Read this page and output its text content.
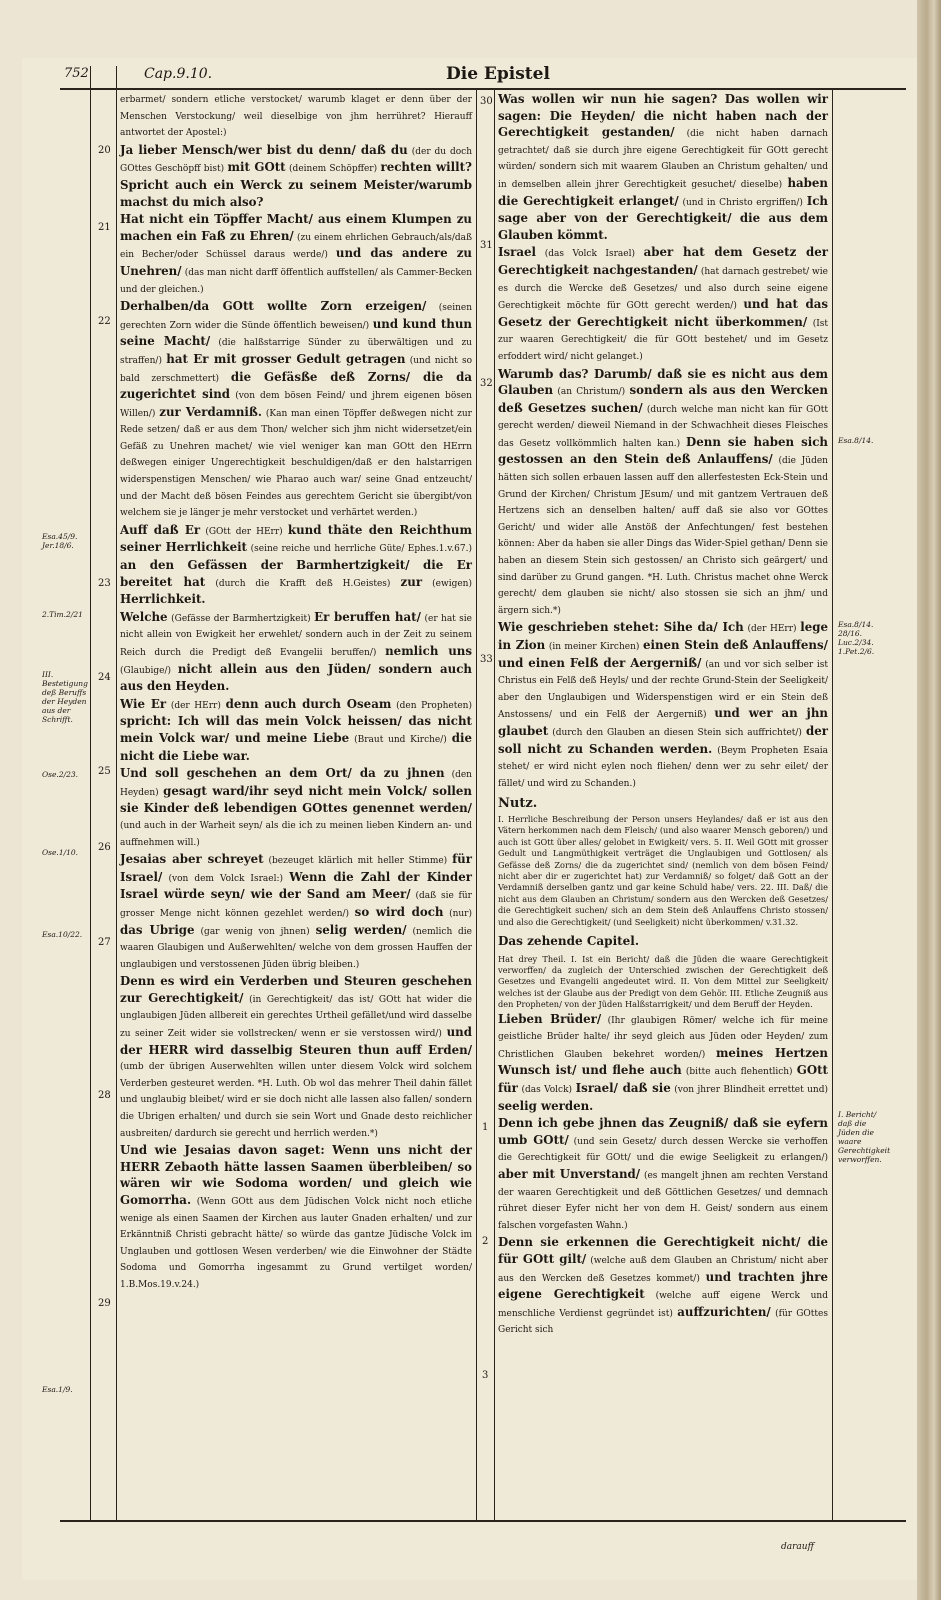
752	Cap.9.10.	Die Epistel
Esa.45/9. Jer.18/6.
2.Tim.2/21
III. Bestetigung deß Beruffs der Heyden aus der Schrifft.
Ose.2/23.
Ose.1/10.
Esa.10/22.
Esa.1/9.
20
21
22
23
24
25
26
27
28
29

erbarmet/ sondern etliche verstocket/ warumb klaget er denn über der Menschen Verstockung/ weil dieselbige von jhm herrühret? Hierauff antwortet der Apostel:)

Ja lieber Mensch/wer bist du denn/ daß du (der du doch GOttes Geschöpff bist) mit GOtt (deinem Schöpffer) rechten willt? Spricht auch ein Werck zu seinem Meister/warumb machst du mich also?

Hat nicht ein Töpffer Macht/ aus einem Klumpen zu machen ein Faß zu Ehren/ (zu einem ehrlichen Gebrauch/als/daß ein Becher/oder Schüssel daraus werde/) und das andere zu Unehren/ (das man nicht darff öffentlich auffstellen/ als Cammer-Becken und der gleichen.)

Derhalben/da GOtt wollte Zorn erzeigen/ (seinen gerechten Zorn wider die Sünde öffentlich beweisen/) und kund thun seine Macht/ (die halßstarrige Sünder zu überwältigen und zu straffen/) hat Er mit grosser Gedult getragen (und nicht so bald zerschmettert) die Gefäsße deß Zorns/ die da zugerichtet sind (von dem bösen Feind/ und jhrem eigenen bösen Willen/) zur Verdamniß. (Kan man einen Töpffer deßwegen nicht zur Rede setzen/ daß er aus dem Thon/ welcher sich jhm nicht widersetzet/ein Gefäß zu Unehren machet/ wie viel weniger kan man GOtt den HErrn deßwegen einiger Ungerechtigkeit beschuldigen/daß er den halstarrigen widerspenstigen Menschen/ wie Pharao auch war/ seine Gnad entzeucht/ und der Macht deß bösen Feindes aus gerechtem Gericht sie übergibt/von welchem sie je länger je mehr verstocket und verhärtet werden.)

Auff daß Er (GOtt der HErr) kund thäte den Reichthum seiner Herrlichkeit (seine reiche und herrliche Güte/ Ephes.1.v.67.) an den Gefässen der Barmhertzigkeit/ die Er bereitet hat (durch die Krafft deß H.Geistes) zur (ewigen) Herrlichkeit.

Welche (Gefässe der Barmhertzigkeit) Er beruffen hat/ (er hat sie nicht allein von Ewigkeit her erwehlet/ sondern auch in der Zeit zu seinem Reich durch die Predigt deß Evangelii beruffen/) nemlich uns (Glaubige/) nicht allein aus den Jüden/ sondern auch aus den Heyden.

Wie Er (der HErr) denn auch durch Oseam (den Propheten) spricht: Ich will das mein Volck heissen/ das nicht mein Volck war/ und meine Liebe (Braut und Kirche/) die nicht die Liebe war.

Und soll geschehen an dem Ort/ da zu jhnen (den Heyden) gesagt ward/ihr seyd nicht mein Volck/ sollen sie Kinder deß lebendigen GOttes genennet werden/ (und auch in der Warheit seyn/ als die ich zu meinen lieben Kindern an- und auffnehmen will.)

Jesaias aber schreyet (bezeuget klärlich mit heller Stimme) für Israel/ (von dem Volck Israel:) Wenn die Zahl der Kinder Israel würde seyn/ wie der Sand am Meer/ (daß sie für grosser Menge nicht können gezehlet werden/) so wird doch (nur) das Ubrige (gar wenig von jhnen) selig werden/ (nemlich die waaren Glaubigen und Außerwehlten/ welche von dem grossen Hauffen der unglaubigen und verstossenen Jüden übrig bleiben.)

Denn es wird ein Verderben und Steuren geschehen zur Gerechtigkeit/ (in Gerechtigkeit/ das ist/ GOtt hat wider die unglaubigen Jüden allbereit ein gerechtes Urtheil gefället/und wird dasselbe zu seiner Zeit wider sie vollstrecken/ wenn er sie verstossen wird/) und der HERR wird dasselbig Steuren thun auff Erden/ (umb der übrigen Auserwehlten willen unter diesem Volck wird solchem Verderben gesteuret werden. *H. Luth. Ob wol das mehrer Theil dahin fället und unglaubig bleibet/ wird er sie doch nicht alle lassen also fallen/ sondern die Ubrigen erhalten/ und durch sie sein Wort und Gnade desto reichlicher ausbreiten/ dardurch sie gerecht und herrlich werden.*)

Und wie Jesaias davon saget: Wenn uns nicht der HERR Zebaoth hätte lassen Saamen überbleiben/ so wären wir wie Sodoma worden/ und gleich wie Gomorrha. (Wenn GOtt aus dem Jüdischen Volck nicht noch etliche wenige als einen Saamen der Kirchen aus lauter Gnaden erhalten/ und zur Erkänntniß Christi gebracht hätte/ so würde das gantze Jüdische Volck im Unglauben und gottlosen Wesen verderben/ wie die Einwohner der Städte Sodoma und Gomorrha ingesammt zu Grund vertilget worden/ 1.B.Mos.19.v.24.)

30
31
32
33
1
2
3
Esa.8/14.
Esa.8/14. 28/16. Luc.2/34. 1.Pet.2/6.
I. Bericht/ daß die Jüden die waare Gerechtigkeit verworffen.

Was wollen wir nun hie sagen? Das wollen wir sagen: Die Heyden/ die nicht haben nach der Gerechtigkeit gestanden/ (die nicht haben darnach getrachtet/ daß sie durch jhre eigene Gerechtigkeit für GOtt gerecht würden/ sondern sich mit waarem Glauben an Christum gehalten/ und in demselben allein jhrer Gerechtigkeit gesuchet/ dieselbe) haben die Gerechtigkeit erlanget/ (und in Christo ergriffen/) Ich sage aber von der Gerechtigkeit/ die aus dem Glauben kömmt.

Israel (das Volck Israel) aber hat dem Gesetz der Gerechtigkeit nachgestanden/ (hat darnach gestrebet/ wie es durch die Wercke deß Gesetzes/ und also durch seine eigene Gerechtigkeit möchte für GOtt gerecht werden/) und hat das Gesetz der Gerechtigkeit nicht überkommen/ (Ist zur waaren Gerechtigkeit/ die für GOtt bestehet/ und im Gesetz erfoddert wird/ nicht gelanget.)

Warumb das? Darumb/ daß sie es nicht aus dem Glauben (an Christum/) sondern als aus den Wercken deß Gesetzes suchen/ (durch welche man nicht kan für GOtt gerecht werden/ dieweil Niemand in der Schwachheit dieses Fleisches das Gesetz vollkömmlich halten kan.) Denn sie haben sich gestossen an den Stein deß Anlauffens/ (die Jüden hätten sich sollen erbauen lassen auff den allerfestesten Eck-Stein und Grund der Kirchen/ Christum JEsum/ und mit gantzem Vertrauen deß Hertzens sich an denselben halten/ auff daß sie also vor GOttes Gericht/ und wider alle Anstöß der Anfechtungen/ fest bestehen können: Aber da haben sie aller Dings das Wider-Spiel gethan/ Denn sie haben an diesem Stein sich gestossen/ an Christo sich geärgert/ und sind darüber zu Grund gangen. *H. Luth. Christus machet ohne Werck gerecht/ dem glauben sie nicht/ also stossen sie sich an jhm/ und ärgern sich.*)

Wie geschrieben stehet: Sihe da/ Ich (der HErr) lege in Zion (in meiner Kirchen) einen Stein deß Anlauffens/ und einen Felß der Aergerniß/ (an und vor sich selber ist Christus ein Felß deß Heyls/ und der rechte Grund-Stein der Seeligkeit/ aber den Unglaubigen und Widerspenstigen wird er ein Stein deß Anstossens/ und ein Felß der Aergerniß) und wer an jhn glaubet (durch den Glauben an diesen Stein sich auffrichtet/) der soll nicht zu Schanden werden. (Beym Propheten Esaia stehet/ er wird nicht eylen noch fliehen/ denn wer zu sehr eilet/ der fället/ und wird zu Schanden.)

Nutz.

I. Herrliche Beschreibung der Person unsers Heylandes/ daß er ist aus den Vätern herkommen nach dem Fleisch/ (und also waarer Mensch geboren/) und auch ist GOtt über alles/ gelobet in Ewigkeit/ vers. 5. II. Weil GOtt mit grosser Gedult und Langmüthigkeit verträget die Unglaubigen und Gottlosen/ als Gefässe deß Zorns/ die da zugerichtet sind/ (nemlich von dem bösen Feind/ nicht aber dir er zugerichtet hat) zur Verdamniß/ so folget/ daß Gott an der Verdamniß derselben gantz und gar keine Schuld habe/ vers. 22. III. Daß/ die nicht aus dem Glauben an Christum/ sondern aus den Wercken deß Gesetzes/ die Gerechtigkeit suchen/ sich an dem Stein deß Anlauffens Christo stossen/ und also die Gerechtigkeit/ (und Seeligkeit) nicht überkommen/ v.31.32.

Das zehende Capitel.

Hat drey Theil. I. Ist ein Bericht/ daß die Jüden die waare Gerechtigkeit verworffen/ da zugleich der Unterschied zwischen der Gerechtigkeit deß Gesetzes und Evangelii angedeutet wird. II. Von dem Mittel zur Seeligkeit/ welches ist der Glaube aus der Predigt von dem Gehör. III. Etliche Zeugniß aus den Propheten/ von der Jüden Halßstarrigkeit/ und dem Beruff der Heyden.

Lieben Brüder/ (Ihr glaubigen Römer/ welche ich für meine geistliche Brüder halte/ ihr seyd gleich aus Jüden oder Heyden/ zum Christlichen Glauben bekehret worden/) meines Hertzen Wunsch ist/ und flehe auch (bitte auch flehentlich) GOtt für (das Volck) Israel/ daß sie (von jhrer Blindheit errettet und) seelig werden.

Denn ich gebe jhnen das Zeugniß/ daß sie eyfern umb GOtt/ (und sein Gesetz/ durch dessen Wercke sie verhoffen die Gerechtigkeit für GOtt/ und die ewige Seeligkeit zu erlangen/) aber mit Unverstand/ (es mangelt jhnen am rechten Verstand der waaren Gerechtigkeit und deß Göttlichen Gesetzes/ und demnach rühret dieser Eyfer nicht her von dem H. Geist/ sondern aus einem falschen vorgefasten Wahn.)

Denn sie erkennen die Gerechtigkeit nicht/ die für GOtt gilt/ (welche auß dem Glauben an Christum/ nicht aber aus den Wercken deß Gesetzes kommet/) und trachten jhre eigene Gerechtigkeit (welche auff eigene Werck und menschliche Verdienst gegründet ist) auffzurichten/ (für GOttes Gericht sich

darauff
